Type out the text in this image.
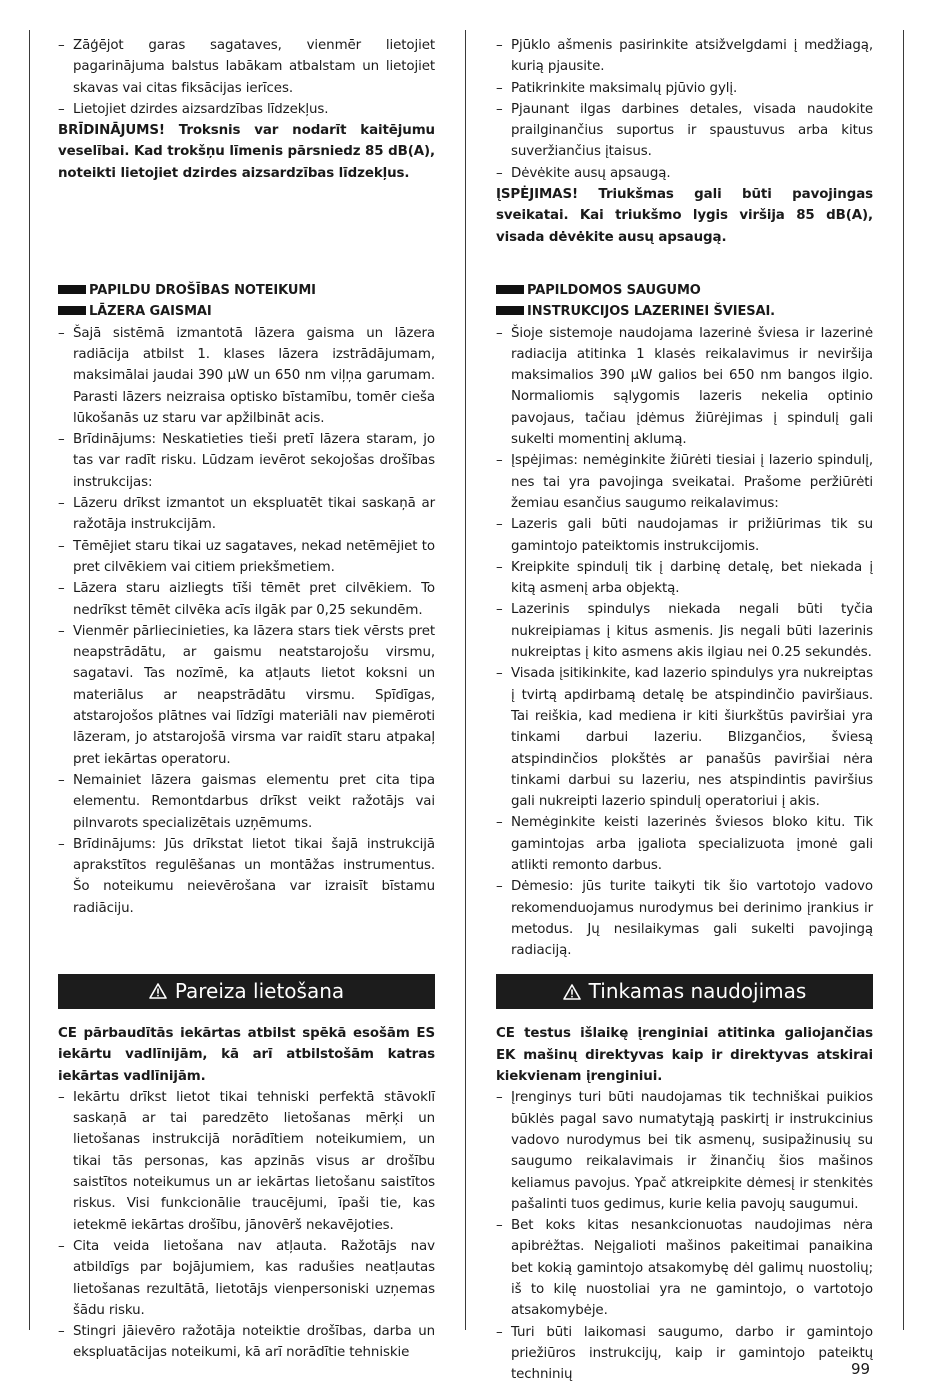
– Zāģējot garas sagataves, vienmēr lietojiet pagarinājuma balstus labākam atbalstam un lietojiet skavas vai citas fiksācijas ierīces.
– Lietojiet dzirdes aizsardzības līdzekļus.

BRĪDINĀJUMS! Troksnis var nodarīt kaitējumu veselībai. Kad trokšņu līmenis pārsniedz 85 dB(A), noteikti lietojiet dzirdes aizsardzības līdzekļus.

PAPILDU DROŠĪBAS NOTEIKUMI
LĀZERA GAISMAI
– Šajā sistēmā izmantotā lāzera gaisma un lāzera radiācija atbilst 1. klases lāzera izstrādājumam, maksimālai jaudai 390 μW un 650 nm viļņa garumam. Parasti lāzers neizraisa optisko bīstamību, tomēr cieša lūkošanās uz staru var apžilbināt acis.
– Brīdinājums: Neskatieties tieši pretī lāzera staram, jo tas var radīt risku. Lūdzam ievērot sekojošas drošības instrukcijas:
– Lāzeru drīkst izmantot un ekspluatēt tikai saskaņā ar ražotāja instrukcijām.
– Tēmējiet staru tikai uz sagataves, nekad netēmējiet to pret cilvēkiem vai citiem priekšmetiem.
– Lāzera staru aizliegts tīši tēmēt pret cilvēkiem. To nedrīkst tēmēt cilvēka acīs ilgāk par 0,25 sekundēm.
– Vienmēr pārliecinieties, ka lāzera stars tiek vērsts pret neapstrādātu, ar gaismu neatstarojošu virsmu, sagatavi. Tas nozīmē, ka atļauts lietot koksni un materiālus ar neapstrādātu virsmu. Spīdīgas, atstarojošos plātnes vai līdzīgi materiāli nav piemēroti lāzeram, jo atstarojošā virsma var raidīt staru atpakaļ pret iekārtas operatoru.
– Nemainiet lāzera gaismas elementu pret cita tipa elementu. Remontdarbus drīkst veikt ražotājs vai pilnvarots specializētais uzņēmums.
– Brīdinājums: Jūs drīkstat lietot tikai šajā instrukcijā aprakstītos regulēšanas un montāžas instrumentus. Šo noteikumu neievērošana var izraisīt bīstamu radiāciju.
Pareiza lietošana

CE pārbaudītās iekārtas atbilst spēkā esošām ES iekārtu vadlīnijām, kā arī atbilstošām katras iekārtas vadlīnijām.

– Iekārtu drīkst lietot tikai tehniski perfektā stāvoklī saskaņā ar tai paredzēto lietošanas mērķi un lietošanas instrukcijā norādītiem noteikumiem, un tikai tās personas, kas apzinās visus ar drošību saistītos noteikumus un ar iekārtas lietošanu saistītos riskus. Visi funkcionālie traucējumi, īpaši tie, kas ietekmē iekārtas drošību, jānovērš nekavējoties.
– Cita veida lietošana nav atļauta. Ražotājs nav atbildīgs par bojājumiem, kas radušies neatļautas lietošanas rezultātā, lietotājs vienpersoniski uzņemas šādu risku.
– Stingri jāievēro ražotāja noteiktie drošības, darba un ekspluatācijas noteikumi, kā arī norādītie tehniskie
– Pjūklo ašmenis pasirinkite atsižvelgdami į medžiagą, kurią pjausite.
– Patikrinkite maksimalų pjūvio gylį.
– Pjaunant ilgas darbines detales, visada naudokite prailginančius suportus ir spaustuvus arba kitus suveržiančius įtaisus.
– Dėvėkite ausų apsaugą.

ĮSPĖJIMAS! Triukšmas gali būti pavojingas sveikatai. Kai triukšmo lygis viršija 85 dB(A), visada dėvėkite ausų apsaugą.

PAPILDOMOS SAUGUMO
INSTRUKCIJOS LAZERINEI ŠVIESAI.
– Šioje sistemoje naudojama lazerinė šviesa ir lazerinė radiacija atitinka 1 klasės reikalavimus ir neviršija maksimalios 390 μW galios bei 650 nm bangos ilgio. Normaliomis sąlygomis lazeris nekelia optinio pavojaus, tačiau įdėmus žiūrėjimas į spindulį gali sukelti momentinį aklumą.
– Įspėjimas: nemėginkite žiūrėti tiesiai į lazerio spindulį, nes tai yra pavojinga sveikatai. Prašome peržiūrėti žemiau esančius saugumo reikalavimus:
– Lazeris gali būti naudojamas ir prižiūrimas tik su gamintojo pateiktomis instrukcijomis.
– Kreipkite spindulį tik į darbinę detalę, bet niekada į kitą asmenį arba objektą.
– Lazerinis spindulys niekada negali būti tyčia nukreipiamas į kitus asmenis. Jis negali būti lazerinis nukreiptas į kito asmens akis ilgiau nei 0.25 sekundės.
– Visada įsitikinkite, kad lazerio spindulys yra nukreiptas į tvirtą apdirbamą detalę be atspindinčio paviršiaus. Tai reiškia, kad mediena ir kiti šiurkštūs paviršiai yra tinkami darbui lazeriu. Blizgančios, šviesą atspindinčios plokštės ar panašūs paviršiai nėra tinkami darbui su lazeriu, nes atspindintis paviršius gali nukreipti lazerio spindulį operatoriui į akis.
– Nemėginkite keisti lazerinės šviesos bloko kitu. Tik gamintojas arba įgaliota specializuota įmonė gali atlikti remonto darbus.
– Dėmesio: jūs turite taikyti tik šio vartotojo vadovo rekomenduojamus nurodymus bei derinimo įrankius ir metodus. Jų nesilaikymas gali sukelti pavojingą radiaciją.
Tinkamas naudojimas

CE testus išlaikę įrenginiai atitinka galiojančias EK mašinų direktyvas kaip ir direktyvas atskirai kiekvienam įrenginiui.

– Įrenginys turi būti naudojamas tik techniškai puikios būklės pagal savo numatytąją paskirtį ir instrukcinius vadovo nurodymus bei tik asmenų, susipažinusių su saugumo reikalavimais ir žinančių šios mašinos keliamus pavojus. Ypač atkreipkite dėmesį ir stenkitės pašalinti tuos gedimus, kurie kelia pavojų saugumui.
– Bet koks kitas nesankcionuotas naudojimas nėra apibrėžtas. Neįgalioti mašinos pakeitimai panaikina bet kokią gamintojo atsakomybę dėl galimų nuostolių; iš to kilę nuostoliai yra ne gamintojo, o vartotojo atsakomybėje.
– Turi būti laikomasi saugumo, darbo ir gamintojo priežiūros instrukcijų, kaip ir gamintojo pateiktų techninių	99
